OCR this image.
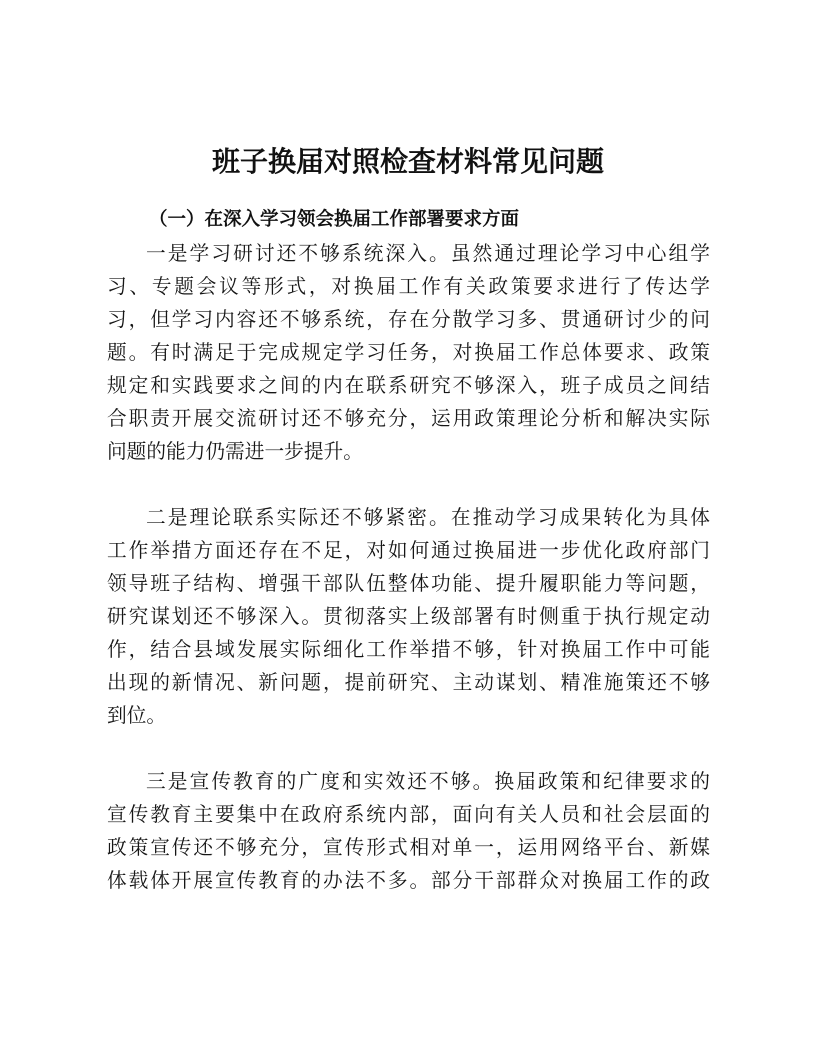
班子换届对照检查材料常见问题
（一）在深入学习领会换届工作部署要求方面
一是学习研讨还不够系统深入。虽然通过理论学习中心组学
习、专题会议等形式，对换届工作有关政策要求进行了传达学
习，但学习内容还不够系统，存在分散学习多、贯通研讨少的问
题。有时满足于完成规定学习任务，对换届工作总体要求、政策
规定和实践要求之间的内在联系研究不够深入，班子成员之间结
合职责开展交流研讨还不够充分，运用政策理论分析和解决实际
问题的能力仍需进一步提升。
二是理论联系实际还不够紧密。在推动学习成果转化为具体
工作举措方面还存在不足，对如何通过换届进一步优化政府部门
领导班子结构、增强干部队伍整体功能、提升履职能力等问题，
研究谋划还不够深入。贯彻落实上级部署有时侧重于执行规定动
作，结合县域发展实际细化工作举措不够，针对换届工作中可能
出现的新情况、新问题，提前研究、主动谋划、精准施策还不够
到位。
三是宣传教育的广度和实效还不够。换届政策和纪律要求的
宣传教育主要集中在政府系统内部，面向有关人员和社会层面的
政策宣传还不够充分，宣传形式相对单一，运用网络平台、新媒
体载体开展宣传教育的办法不多。部分干部群众对换届工作的政
